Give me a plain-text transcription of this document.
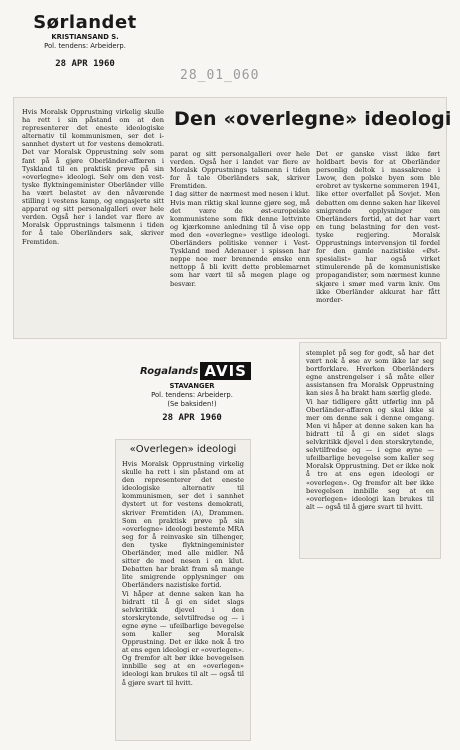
Sørlandet
KRISTIANSAND S.
Pol. tendens: Arbeiderp.
28 APR 1960
28_01_060
Den «overlegne» ideologi
Hvis Moralsk Opprustning virkelig skulle ha rett i sin påstand om at den representerer det eneste ideologiske alternativ til kommunismen, ser det i-sannhet dystert ut for vestens demokrati. Det var Moralsk Opprustning selv som fant på å gjøre Oberländer-affæren i Tyskland til en praktisk prøve på sin «overlegne» ideologi. Selv om den vest-tyske flyktningeminister Oberländer ville ha vært belastet av den nåværende stilling i vestens kamp, og engasjerte sitt apparat og sitt personalgalleri over hele verden. Også her i landet var flere av Moralsk Opprustnings talsmenn i tiden for å tale Oberländers sak, skriver Fremtiden.
parat og sitt personalgalleri over hele verden. Også her i landet var flere av Moralsk Opprustnings talsmenn i tiden for å tale Oberländers sak, skriver Fremtiden.
I dag sitter de nærmest med nesen i klut. Hvis man riktig skal kunne gjøre seg, må det være de øst-europeiske kommunistene som fikk denne lettvinte og kjærkomne anledning til å vise opp med den «overlegne» vestlige ideologi. Oberländers politiske venner i Vest-Tyskland med Adenauer i spissen har neppe noe mer brennende ønske enn nettopp å bli kvitt dette problemarnet som har vært til så megen plage og besvær.
Det er ganske visst ikke ført holdbart bevis for at Oberländer personlig deltok i massakrene i Lwow, den polske byen som ble erobret av tyskerne sommeren 1941, like etter overfallet på Sovjet. Men debatten om denne saken har likevel smigrende opplysninger om Oberländers fortid, at det har vært en tung belastning for den vest-tyske regjering. Moralsk Opprustnings intervensjon til fordel for den gamle nazistiske «Øst-spesialist» har også virket stimulerende på de kommunistiske propagandister, som nærmest kunne skjære i smør med varm kniv. Om ikke Oberländer akkurat har fått morder-
stemplet på seg for godt, så har det vært nok å øse av som ikke lar seg bortforklare. Hverken Oberländers egne anstrengelser i så måte eller assistansen fra Moralsk Opprustning kan sies å ha brakt ham særlig glede.
Vi har tidligere gått utførlig inn på Oberländer-affæren og skal ikke si mer om denne sak i denne omgang. Men vi håper at denne saken kan ha bidratt til å gi en sidet slags selvkritikk djevel i den storskrytende, selvtilfredse og — i egne øyne — ufeilbarlige bevegelse som kaller seg Moralsk Opprustning. Det er ikke nok å tro at ens egen ideologi er «overlegen». Og fremfor alt bør ikke bevegelsen innbille seg at en «overlegen» ideologi kan brukes til alt — også til å gjøre svart til hvitt.
Rogalands AVIS
STAVANGER
Pol. tendens: Arbeiderp.
(Se baksiden!)
28 APR 1960
«Overlegen» ideologi
Hvis Moralsk Opprustning virkelig skulle ha rett i sin påstand om at den representerer det eneste ideologiske alternativ til kommunismen, ser det i sannhet dystert ut for vestens demokrati, skriver Fremtiden (A), Drammen. Som en praktisk prøve på sin «overlegne» ideologi bestemte MRA seg for å reinvaske sin tilhenger, den tyske flyktningeminister Oberländer, med alle midler. Nå sitter de med nesen i en klut. Debatten har brakt fram så mange lite smigrende opplysninger om Oberländers nazistiske fortid.
Vi håper at denne saken kan ha bidratt til å gi en sidet slags selvkritikk djevel i den storskrytende, selvtilfredse og — i egne øyne — ufeilbarlige bevegelse som kaller seg Moralsk Opprustning. Det er ikke nok å tro at ens egen ideologi er «overlegen». Og fremfor alt bør ikke bevegelsen innbille seg at en «overlegen» ideologi kan brukes til alt — også til å gjøre svart til hvitt.
